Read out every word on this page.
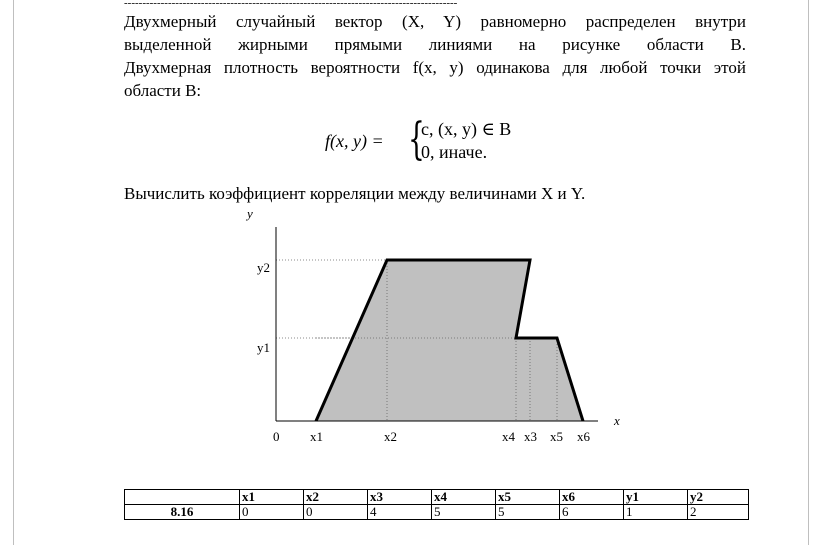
-------------------------------------------------------------------------------------------
Двухмерный случайный вектор (X, Y) равномерно распределен внутри
выделенной жирными прямыми линиями на рисунке области B.
Двухмерная плотность вероятности f(x, y) одинакова для любой точки этой
области B:
f(x, y) = {
c, (x, y) ∈ B
0, иначе.
Вычислить коэффициент корреляции между величинами X и Y.
y
x
0
y2
y1
x1	x2	x4 x3 x5 x6
	x1	x2	x3	x4	x5	x6	y1	y2
8.16	0	0	4	5	5	6	1	2
